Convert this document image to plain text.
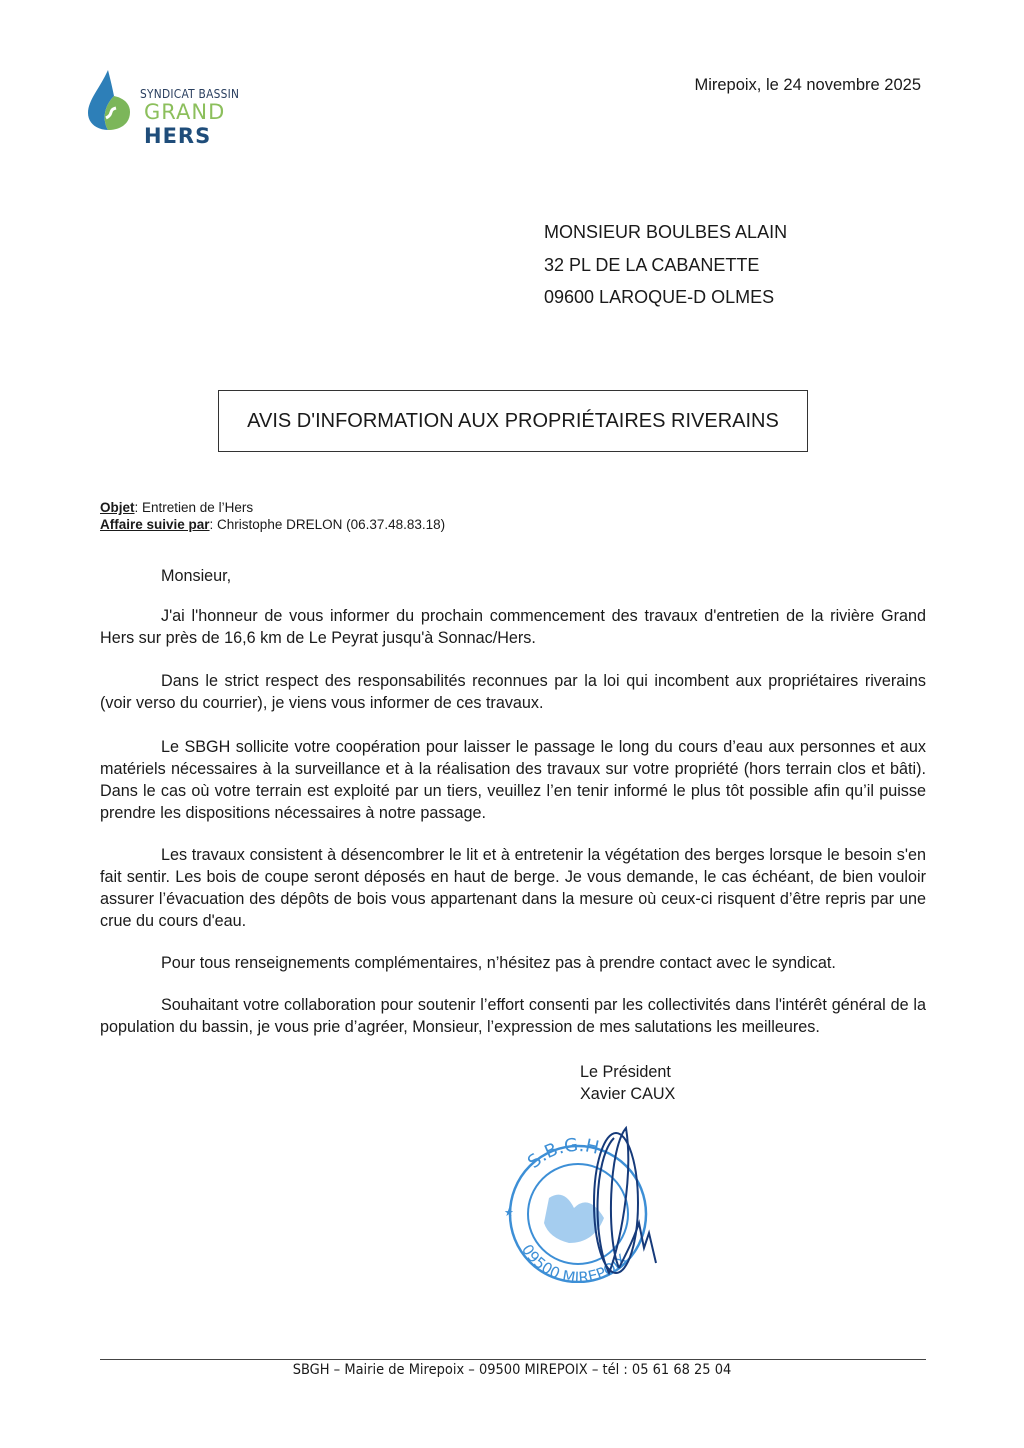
SYNDICAT BASSIN
GRAND HERS
Mirepoix, le 24 novembre 2025
MONSIEUR BOULBES ALAIN
32 PL DE LA CABANETTE
09600 LAROQUE-D OLMES
AVIS D'INFORMATION AUX PROPRIÉTAIRES RIVERAINS
Objet: Entretien de l’Hers
Affaire suivie par: Christophe DRELON (06.37.48.83.18)
Monsieur,
J'ai l'honneur de vous informer du prochain commencement des travaux d'entretien de la rivière Grand Hers sur près de 16,6 km de Le Peyrat jusqu'à Sonnac/Hers.
Dans le strict respect des responsabilités reconnues par la loi qui incombent aux propriétaires riverains (voir verso du courrier), je viens vous informer de ces travaux.
Le SBGH sollicite votre coopération pour laisser le passage le long du cours d’eau aux personnes et aux matériels nécessaires à la surveillance et à la réalisation des travaux sur votre propriété (hors terrain clos et bâti). Dans le cas où votre terrain est exploité par un tiers, veuillez l’en tenir informé le plus tôt possible afin qu’il puisse prendre les dispositions nécessaires à notre passage.
Les travaux consistent à désencombrer le lit et à entretenir la végétation des berges lorsque le besoin s'en fait sentir. Les bois de coupe seront déposés en haut de berge. Je vous demande, le cas échéant, de bien vouloir assurer l’évacuation des dépôts de bois vous appartenant dans la mesure où ceux-ci risquent d’être repris par une crue du cours d'eau.
Pour tous renseignements complémentaires, n’hésitez pas à prendre contact avec le syndicat.
Souhaitant votre collaboration pour soutenir l’effort consenti par les collectivités dans l'intérêt général de la population du bassin, je vous prie d’agréer, Monsieur, l’expression de mes salutations les meilleures.
Le Président
Xavier CAUX
S.B.G.H
09500 MIREPOIX
★
SBGH – Mairie de Mirepoix – 09500 MIREPOIX – tél : 05 61 68 25 04
